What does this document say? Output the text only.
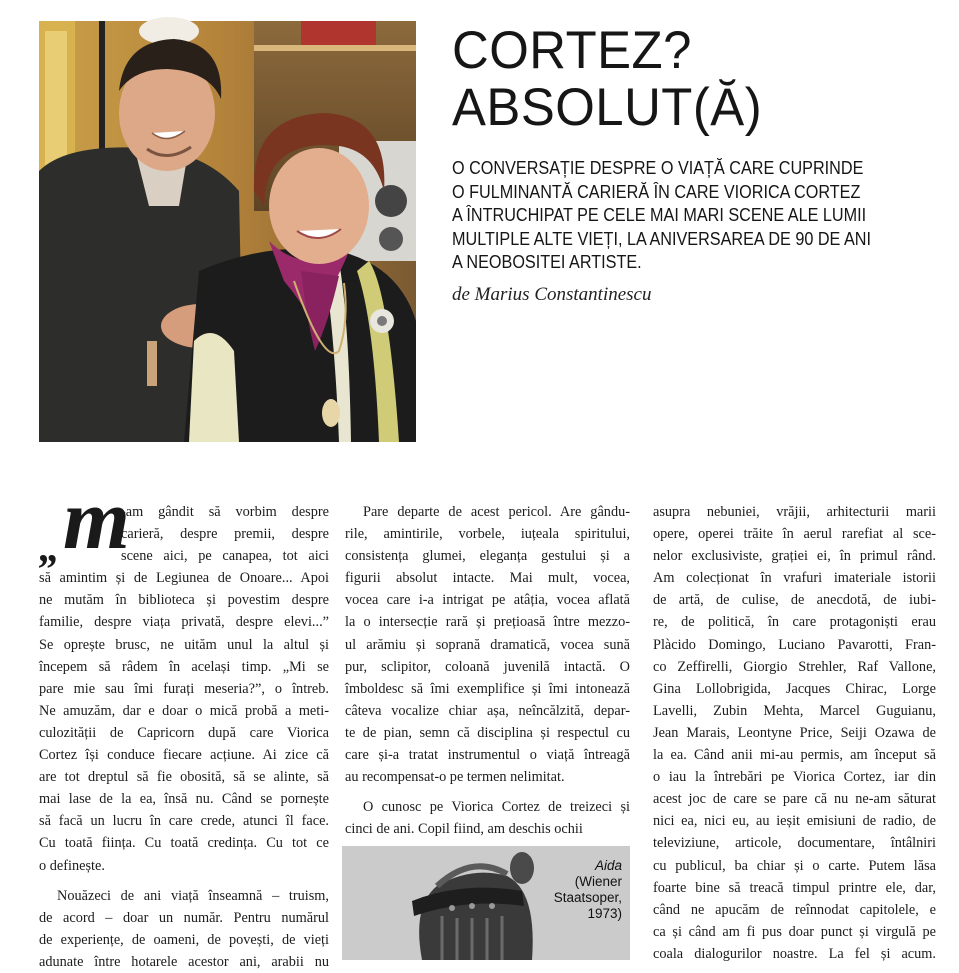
CORTEZ?
ABSOLUT(Ă)
O CONVERSAȚIE DESPRE O VIAȚĂ CARE CUPRINDE
O FULMINANTĂ CARIERĂ ÎN CARE VIORICA CORTEZ
A ÎNTRUCHIPAT PE CELE MAI MARI SCENE ALE LUMII
MULTIPLE ALTE VIEȚI, LA ANIVERSAREA DE 90 DE ANI
A NEOBOSITEI ARTISTE.
de Marius Constantinescu
„ m
-am gândit să vorbim despre
carieră, despre premii, despre
scene aici, pe canapea, tot aici
să amintim și de Legiunea de Onoare... Apoi
ne mutăm în biblioteca și povestim despre
familie, despre viața privată, despre elevi...”
Se oprește brusc, ne uităm unul la altul și
începem să râdem în același timp. „Mi se
pare mie sau îmi furați meseria?”, o întreb.
Ne amuzăm, dar e doar o mică probă a meti-
culozității de Capricorn după care Viorica
Cortez își conduce fiecare acțiune. Ai zice că
are tot dreptul să fie obosită, să se alinte, să
mai lase de la ea, însă nu. Când se pornește
să facă un lucru în care crede, atunci îl face.
Cu toată ființa. Cu toată credința. Cu tot ce
o definește.
Nouăzeci de ani viață înseamnă – truism,
de acord – doar un număr. Pentru numărul
de experiențe, de oameni, de povești, de vieți
adunate între hotarele acestor ani, arabii nu
Pare departe de acest pericol. Are gându-
rile, amintirile, vorbele, iuțeala spiritului,
consistența glumei, eleganța gestului și a
figurii absolut intacte. Mai mult, vocea,
vocea care i-a intrigat pe atâția, vocea aflată
la o intersecție rară și prețioasă între mezzo-
ul arămiu și soprană dramatică, vocea sună
pur, sclipitor, coloană juvenilă intactă. O
îmboldesc să îmi exemplifice și îmi intonează
câteva vocalize chiar așa, neîncălzită, depar-
te de pian, semn că disciplina și respectul cu
care și-a tratat instrumentul o viață întreagă
au recompensat-o pe termen nelimitat.
O cunosc pe Viorica Cortez de treizeci și
cinci de ani. Copil fiind, am deschis ochii
Aida
(Wiener
Staatsoper,
1973)
asupra nebuniei, vrăjii, arhitecturii marii
opere, operei trăite în aerul rarefiat al sce-
nelor exclusiviste, grației ei, în primul rând.
Am colecționat în vrafuri imateriale istorii
de artă, de culise, de anecdotă, de iubi-
re, de politică, în care protagoniști erau
Plàcido Domingo, Luciano Pavarotti, Fran-
co Zeffirelli, Giorgio Strehler, Raf Vallone,
Gina Lollobrigida, Jacques Chirac, Lorge
Lavelli, Zubin Mehta, Marcel Guguianu,
Jean Marais, Leontyne Price, Seiji Ozawa de
la ea. Când anii mi-au permis, am început să
o iau la întrebări pe Viorica Cortez, iar din
acest joc de care se pare că nu ne-am săturat
nici ea, nici eu, au ieșit emisiuni de radio, de
televiziune, articole, documentare, întâlniri
cu publicul, ba chiar și o carte. Putem lăsa
foarte bine să treacă timpul printre ele, dar,
când ne apucăm de reînnodat capitolele, e
ca și când am fi pus doar punct și virgulă pe
coala dialogurilor noastre. La fel și acum.
